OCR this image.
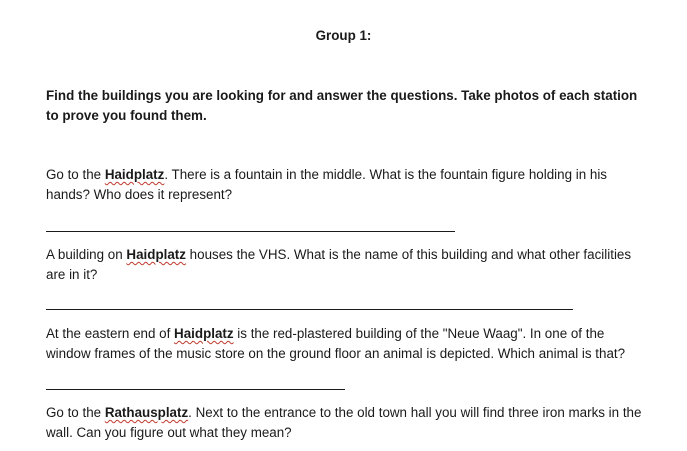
Group 1:
Find the buildings you are looking for and answer the questions. Take photos of each station to prove you found them.
Go to the Haidplatz. There is a fountain in the middle. What is the fountain figure holding in his hands? Who does it represent?
A building on Haidplatz houses the VHS. What is the name of this building and what other facilities are in it?
At the eastern end of Haidplatz is the red-plastered building of the "Neue Waag". In one of the window frames of the music store on the ground floor an animal is depicted. Which animal is that?
Go to the Rathausplatz. Next to the entrance to the old town hall you will find three iron marks in the wall. Can you figure out what they mean?
